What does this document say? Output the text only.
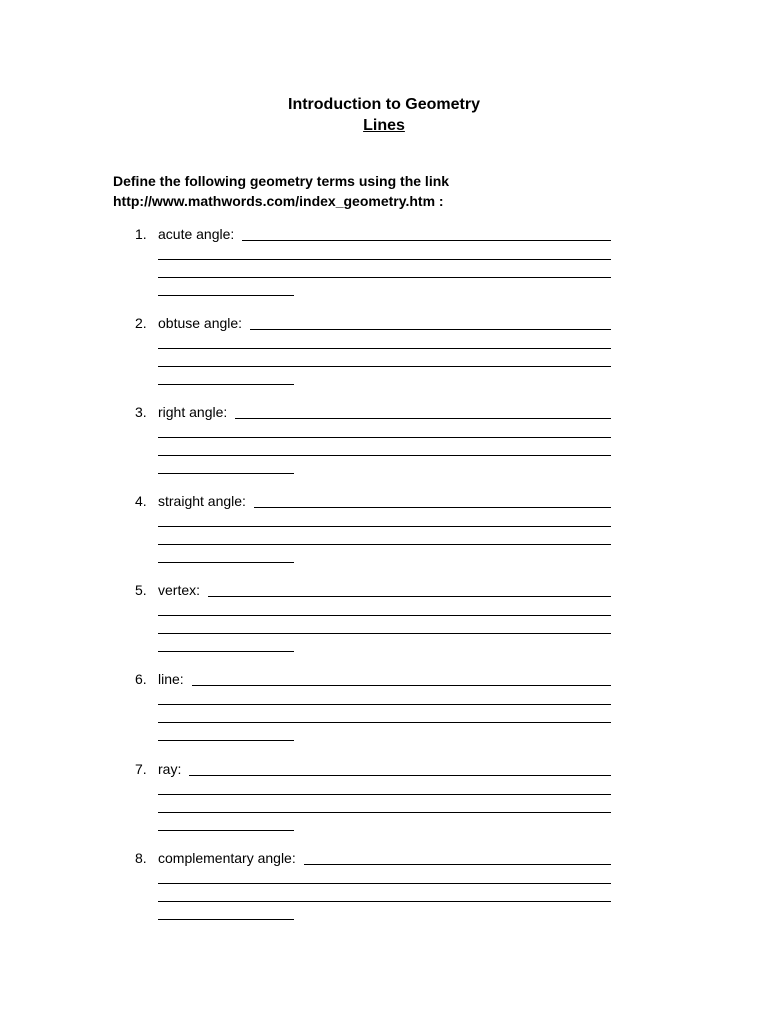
Introduction to Geometry
Lines
Define the following geometry terms using the link
http://www.mathwords.com/index_geometry.htm :
1. acute angle:
2. obtuse angle:
3. right angle:
4. straight angle:
5. vertex:
6. line:
7. ray:
8. complementary angle:
